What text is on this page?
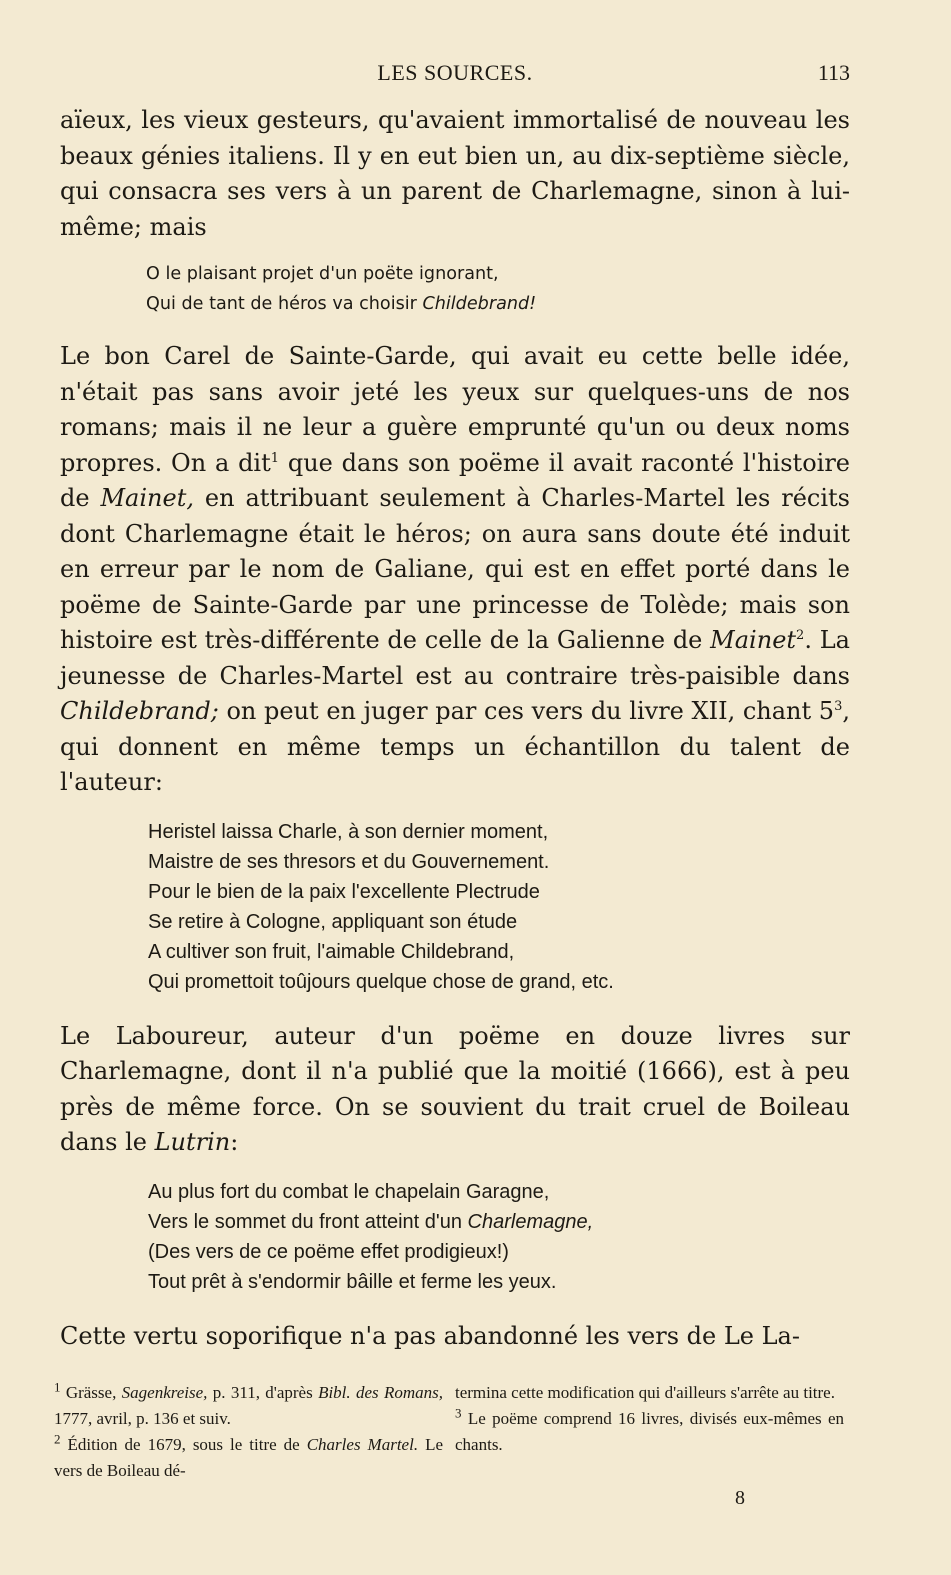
LES SOURCES.	113

aïeux, les vieux gesteurs, qu'avaient immortalisé de nouveau les beaux génies italiens. Il y en eut bien un, au dix-septième siècle, qui consacra ses vers à un parent de Charlemagne, sinon à lui-même; mais

O le plaisant projet d'un poëte ignorant,
Qui de tant de héros va choisir Childebrand!

Le bon Carel de Sainte-Garde, qui avait eu cette belle idée, n'était pas sans avoir jeté les yeux sur quelques-uns de nos romans; mais il ne leur a guère emprunté qu'un ou deux noms propres. On a dit$^1$ que dans son poëme il avait raconté l'histoire de Mainet, en attribuant seulement à Charles-Martel les récits dont Charlemagne était le héros; on aura sans doute été induit en erreur par le nom de Galiane, qui est en effet porté dans le poëme de Sainte-Garde par une princesse de Tolède; mais son histoire est très-différente de celle de la Galienne de Mainet$^2$. La jeunesse de Charles-Martel est au contraire très-paisible dans Childebrand; on peut en juger par ces vers du livre XII, chant $5^3$, qui donnent en même temps un échantillon du talent de l'auteur:

Heristel laissa Charle, à son dernier moment,
Maistre de ses thresors et du Gouvernement.
Pour le bien de la paix l'excellente Plectrude
Se retire à Cologne, appliquant son étude
A cultiver son fruit, l'aimable Childebrand,
Qui promettoit toûjours quelque chose de grand, etc.

Le Laboureur, auteur d'un poëme en douze livres sur Charlemagne, dont il n'a publié que la moitié (1666), est à peu près de même force. On se souvient du trait cruel de Boileau dans le Lutrin:

Au plus fort du combat le chapelain Garagne,
Vers le sommet du front atteint d'un Charlemagne,
(Des vers de ce poëme effet prodigieux!)
Tout prêt à s'endormir bâille et ferme les yeux.

Cette vertu soporifique n'a pas abandonné les vers de Le La-

$^1$ Grässe, Sagenkreise, p. 311, d'après Bibl. des Romans, 1777, avril, p. 136 et suiv.
$^2$ Édition de 1679, sous le titre de Charles Martel. Le vers de Boileau dé-
termina cette modification qui d'ailleurs s'arrête au titre.
$^3$ Le poëme comprend 16 livres, divisés eux-mêmes en chants.
8
